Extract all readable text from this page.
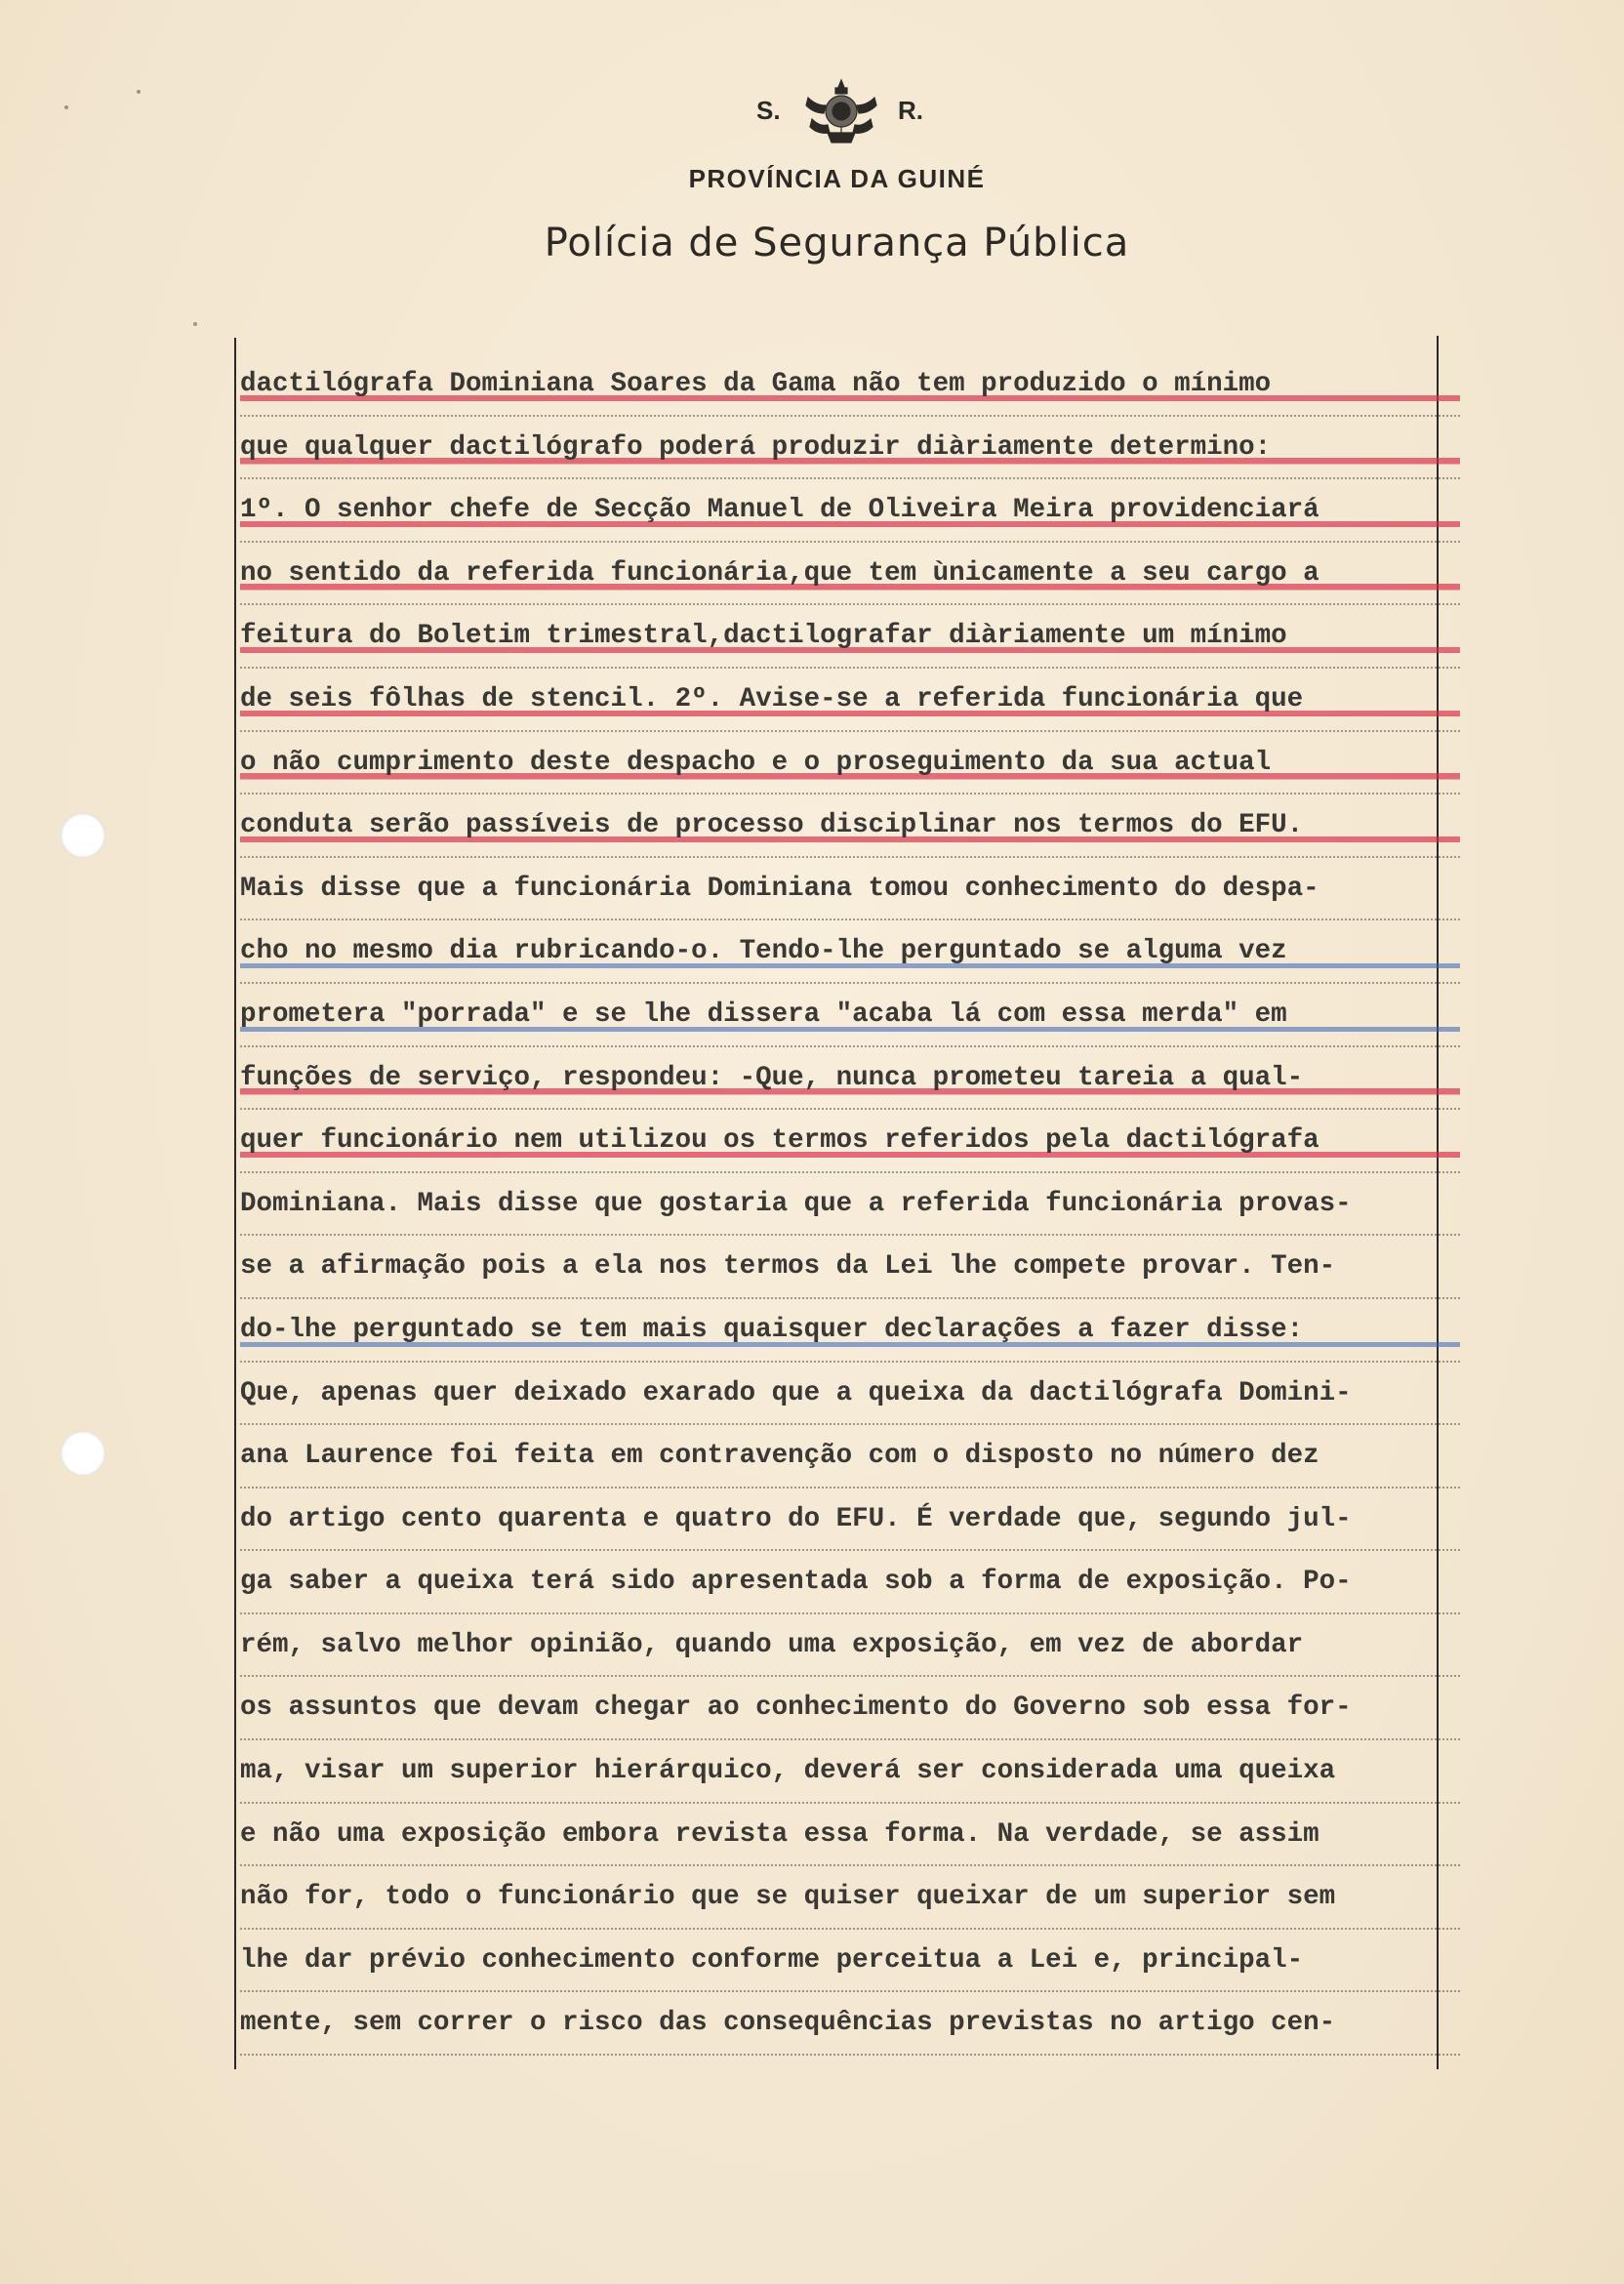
S.	R.
PROVÍNCIA DA GUINÉ
Polícia de Segurança Pública
dactilógrafa Dominiana Soares da Gama não tem produzido o mínimo
que qualquer dactilógrafo poderá produzir diàriamente determino:
1º. O senhor chefe de Secção Manuel de Oliveira Meira providenciará
no sentido da referida funcionária,que tem ùnicamente a seu cargo a
feitura do Boletim trimestral,dactilografar diàriamente um mínimo
de seis fôlhas de stencil. 2º. Avise-se a referida funcionária que
o não cumprimento deste despacho e o proseguimento da sua actual
conduta serão passíveis de processo disciplinar nos termos do EFU.
Mais disse que a funcionária Dominiana tomou conhecimento do despa-
cho no mesmo dia rubricando-o. Tendo-lhe perguntado se alguma vez
prometera "porrada" e se lhe dissera "acaba lá com essa merda" em
funções de serviço, respondeu: -Que, nunca prometeu tareia a qual-
quer funcionário nem utilizou os termos referidos pela dactilógrafa
Dominiana. Mais disse que gostaria que a referida funcionária provas-
se a afirmação pois a ela nos termos da Lei lhe compete provar. Ten-
do-lhe perguntado se tem mais quaisquer declarações a fazer disse:
Que, apenas quer deixado exarado que a queixa da dactilógrafa Domini-
ana Laurence foi feita em contravenção com o disposto no número dez
do artigo cento quarenta e quatro do EFU. É verdade que, segundo jul-
ga saber a queixa terá sido apresentada sob a forma de exposição. Po-
rém, salvo melhor opinião, quando uma exposição, em vez de abordar
os assuntos que devam chegar ao conhecimento do Governo sob essa for-
ma, visar um superior hierárquico, deverá ser considerada uma queixa
e não uma exposição embora revista essa forma. Na verdade, se assim
não for, todo o funcionário que se quiser queixar de um superior sem
lhe dar prévio conhecimento conforme perceitua a Lei e, principal-
mente, sem correr o risco das consequências previstas no artigo cen-
